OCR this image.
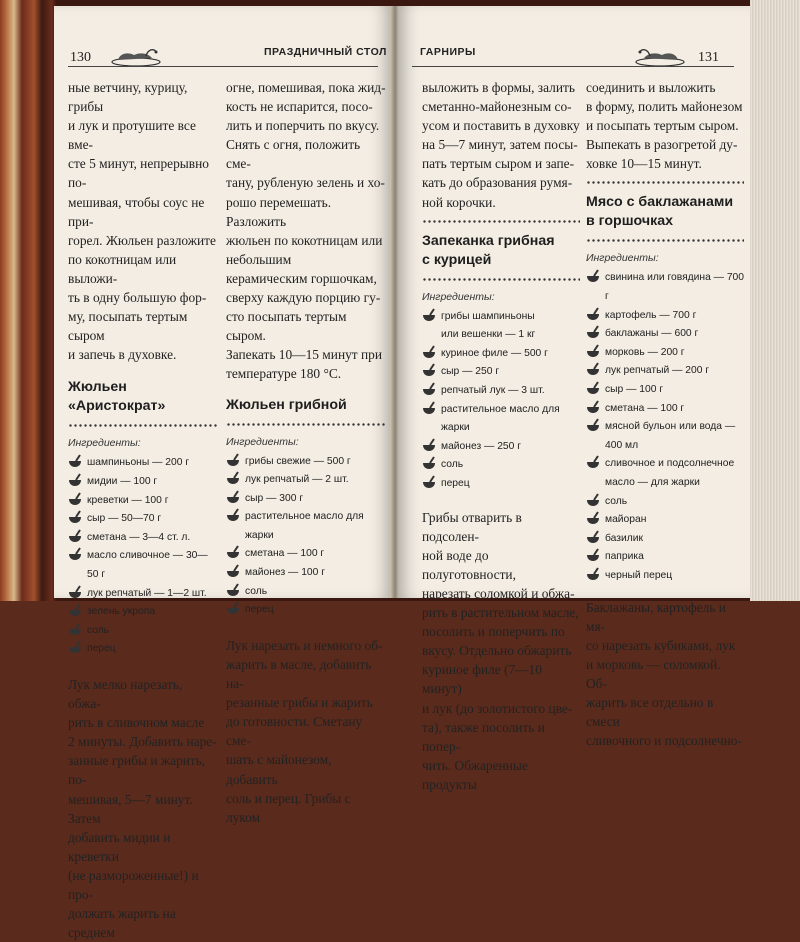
130	ПРАЗДНИЧНЫЙ СТОЛ

ные ветчину, курицу, грибы
и лук и протушите все вме-
сте 5 минут, непрерывно по-
мешивая, чтобы соус не при-
горел. Жюльен разложите
по кокотницам или выложи-
ть в одну большую фор-
му, посыпать тертым сыром
и запечь в духовке.

Жюльен «Аристократ»

Ингредиенты:

шампиньоны — 200 г
мидии — 100 г
креветки — 100 г
сыр — 50—70 г
сметана — 3—4 ст. л.
масло сливочное — 30—50 г
лук репчатый — 1—2 шт.
зелень укропа
соль
перец

Лук мелко нарезать, обжа-
рить в сливочном масле
2 минуты. Добавить наре-
занные грибы и жарить, по-
мешивая, 5—7 минут. Затем
добавить мидии и креветки
(не размороженные!) и про-
должать жарить на среднем

огне, помешивая, пока жид-
кость не испарится, посо-
лить и поперчить по вкусу.
Снять с огня, положить сме-
тану, рубленую зелень и хо-
рошо перемешать. Разложить
жюльен по кокотницам или небольшим
керамическим горшочкам,
сверху каждую порцию гу-
сто посыпать тертым сыром.
Запекать 10—15 минут при
температуре 180 °С.

Жюльен грибной

Ингредиенты:

грибы свежие — 500 г
лук репчатый — 2 шт.
сыр — 300 г
растительное масло для жарки
сметана — 100 г
майонез — 100 г
соль
перец

Лук нарезать и немного об-
жарить в масле, добавить на-
резанные грибы и жарить
до готовности. Сметану сме-
шать с майонезом, добавить
соль и перец. Грибы с луком

ГАРНИРЫ	131

выложить в формы, залить
сметанно-майонезным со-
усом и поставить в духовку
на 5—7 минут, затем посы-
пать тертым сыром и запе-
кать до образования румя-
ной корочки.

Запеканка грибная
с курицей

Ингредиенты:

грибы шампиньоны
или вешенки — 1 кг
куриное филе — 500 г
сыр — 250 г
репчатый лук — 3 шт.
растительное масло для жарки
майонез — 250 г
соль
перец

Грибы отварить в подсолен-
ной воде до полуготовности,
нарезать соломкой и обжа-
рить в растительном масле,
посолить и поперчить по
вкусу. Отдельно обжарить
куриное филе (7—10 минут)
и лук (до золотистого цве-
та), также посолить и попер-
чить. Обжаренные продукты

соединить и выложить
в форму, полить майонезом
и посыпать тертым сыром.
Выпекать в разогретой ду-
ховке 10—15 минут.

Мясо с баклажанами
в горшочках

Ингредиенты:

свинина или говядина — 700 г
картофель — 700 г
баклажаны — 600 г
морковь — 200 г
лук репчатый — 200 г
сыр — 100 г
сметана — 100 г
мясной бульон или вода —
400 мл
сливочное и подсолнечное
масло — для жарки
соль
майоран
базилик
паприка
черный перец

Баклажаны, картофель и мя-
со нарезать кубиками, лук
и морковь — соломкой. Об-
жарить все отдельно в смеси
сливочного и подсолнечно-
